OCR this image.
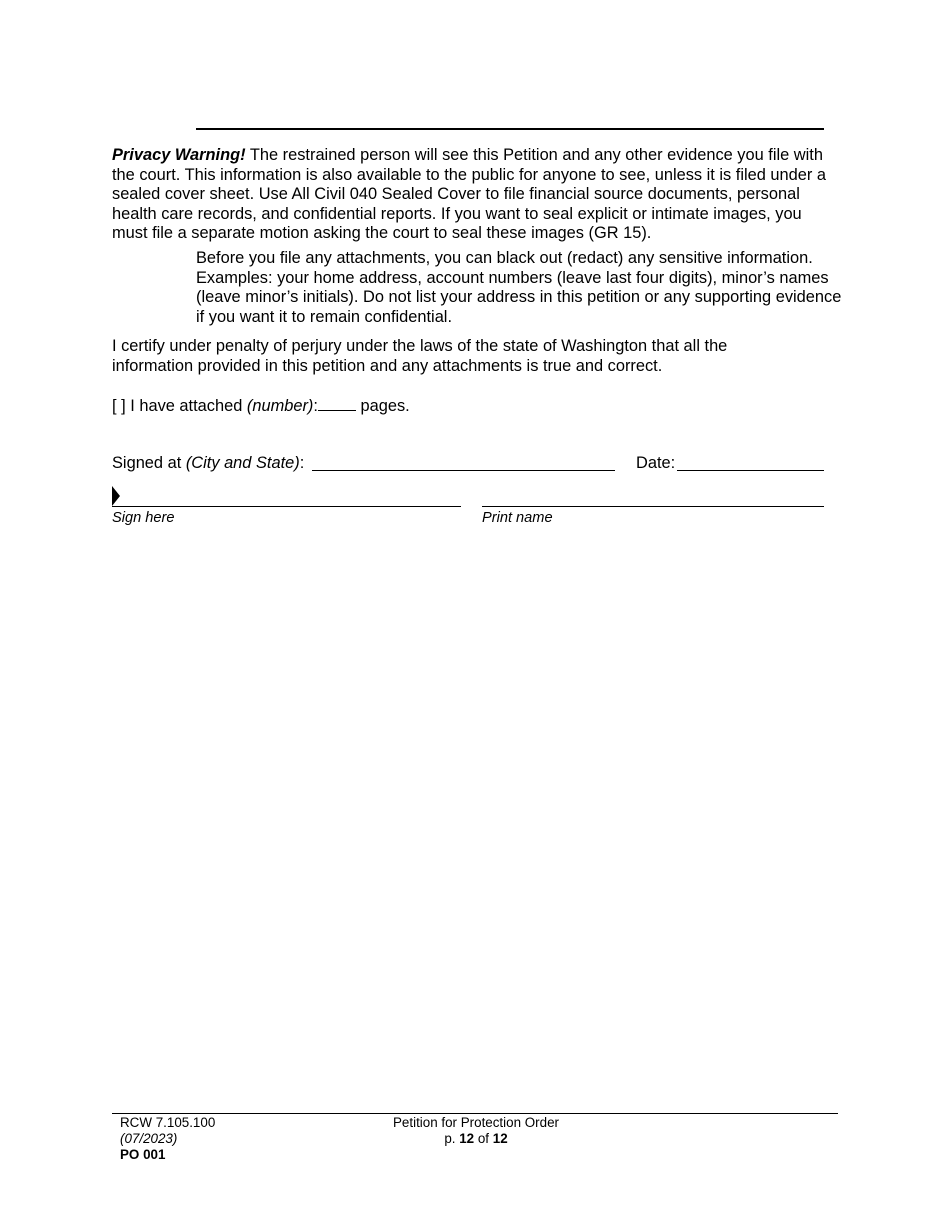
Privacy Warning! The restrained person will see this Petition and any other evidence you file with the court. This information is also available to the public for anyone to see, unless it is filed under a sealed cover sheet. Use All Civil 040 Sealed Cover to file financial source documents, personal health care records, and confidential reports. If you want to seal explicit or intimate images, you must file a separate motion asking the court to seal these images (GR 15).
Before you file any attachments, you can black out (redact) any sensitive information. Examples: your home address, account numbers (leave last four digits), minor’s names (leave minor’s initials). Do not list your address in this petition or any supporting evidence if you want it to remain confidential.
I certify under penalty of perjury under the laws of the state of Washington that all the information provided in this petition and any attachments is true and correct.
[ ] I have attached (number): pages.
Signed at (City and State):	Date:
Sign here	Print name
RCW 7.105.100
(07/2023)
PO 001
Petition for Protection Order
p. 12 of 12
